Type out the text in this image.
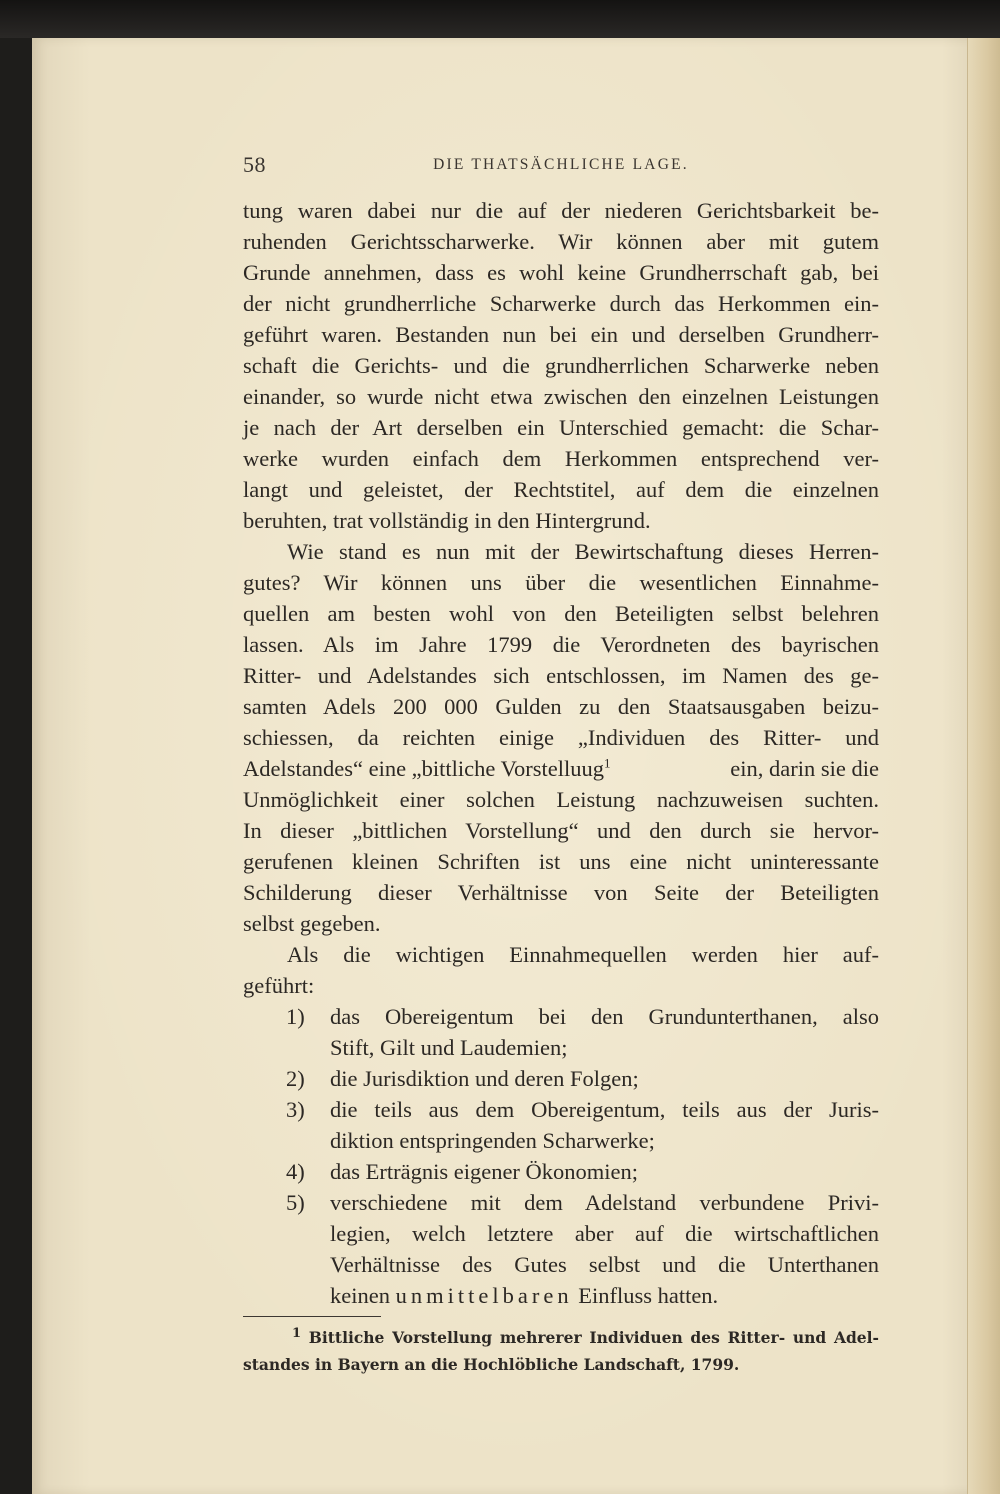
58	DIE THATSÄCHLICHE LAGE.
tung waren dabei nur die auf der niederen Gerichtsbarkeit be-
ruhenden Gerichtsscharwerke. Wir können aber mit gutem
Grunde annehmen, dass es wohl keine Grundherrschaft gab, bei
der nicht grundherrliche Scharwerke durch das Herkommen ein-
geführt waren. Bestanden nun bei ein und derselben Grundherr-
schaft die Gerichts- und die grundherrlichen Scharwerke neben
einander, so wurde nicht etwa zwischen den einzelnen Leistungen
je nach der Art derselben ein Unterschied gemacht: die Schar-
werke wurden einfach dem Herkommen entsprechend ver-
langt und geleistet, der Rechtstitel, auf dem die einzelnen
beruhten, trat vollständig in den Hintergrund.
Wie stand es nun mit der Bewirtschaftung dieses Herren-
gutes? Wir können uns über die wesentlichen Einnahme-
quellen am besten wohl von den Beteiligten selbst belehren
lassen. Als im Jahre 1799 die Verordneten des bayrischen
Ritter- und Adelstandes sich entschlossen, im Namen des ge-
samten Adels 200 000 Gulden zu den Staatsausgaben beizu-
schiessen, da reichten einige „Individuen des Ritter- und
Adelstandes“ eine „bittliche Vorstelluug$^1$	ein, darin sie die
Unmöglichkeit einer solchen Leistung nachzuweisen suchten.
In dieser „bittlichen Vorstellung“ und den durch sie hervor-
gerufenen kleinen Schriften ist uns eine nicht uninteressante
Schilderung dieser Verhältnisse von Seite der Beteiligten
selbst gegeben.
Als die wichtigen Einnahmequellen werden hier auf-
geführt:
1)	das Obereigentum bei den Grundunterthanen, also
Stift, Gilt und Laudemien;
2)	die Jurisdiktion und deren Folgen;
3)	die teils aus dem Obereigentum, teils aus der Juris-
diktion entspringenden Scharwerke;
4)	das Erträgnis eigener Ökonomien;
5)	verschiedene mit dem Adelstand verbundene Privi-
legien, welch letztere aber auf die wirtschaftlichen
Verhältnisse des Gutes selbst und die Unterthanen
keinen unmittelbaren Einfluss hatten.
$^1$ Bittliche Vorstellung mehrerer Individuen des Ritter- und Adel-
standes in Bayern an die Hochlöbliche Landschaft, 1799.
